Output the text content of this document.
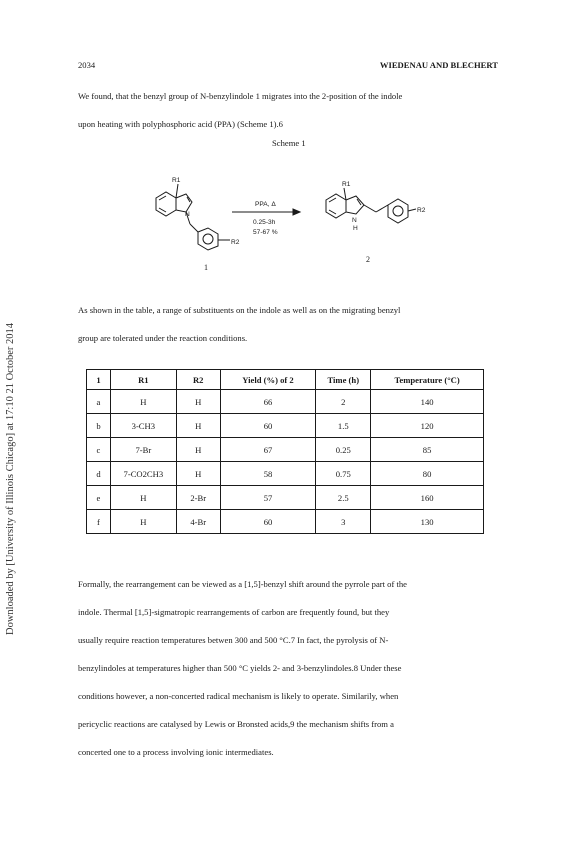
2034	WIEDENAU AND BLECHERT

We found, that the benzyl group of N-benzylindole 1 migrates into the 2-position of the indole

upon heating with polyphosphoric acid (PPA) (Scheme 1).6

Scheme 1
R1
N
R2
1
PPA, Δ
0.25-3h
57-67 %
R1
N
H
R2
2

As shown in the table, a range of substituents on the indole as well as on the migrating benzyl

group are tolerated under the reaction conditions.

1	R1	R2	Yield (%) of 2	Time (h)	Temperature (°C)
a	H	H	66	2	140
b	3-CH3	H	60	1.5	120
c	7-Br	H	67	0.25	85
d	7-CO2CH3	H	58	0.75	80
e	H	2-Br	57	2.5	160
f	H	4-Br	60	3	130

Formally, the rearrangement can be viewed as a [1,5]-benzyl shift around the pyrrole part of the

indole. Thermal [1,5]-sigmatropic rearrangements of carbon are frequently found, but they

usually require reaction temperatures betwen 300 and 500 °C.7 In fact, the pyrolysis of N-

benzylindoles at temperatures higher than 500 °C yields 2- and 3-benzylindoles.8 Under these

conditions however, a non-concerted radical mechanism is likely to operate. Similarily, when

pericyclic reactions are catalysed by Lewis or Bronsted acids,9 the mechanism shifts from a

concerted one to a process involving ionic intermediates.

Downloaded by [University of Illinois Chicago] at 17:10 21 October 2014
